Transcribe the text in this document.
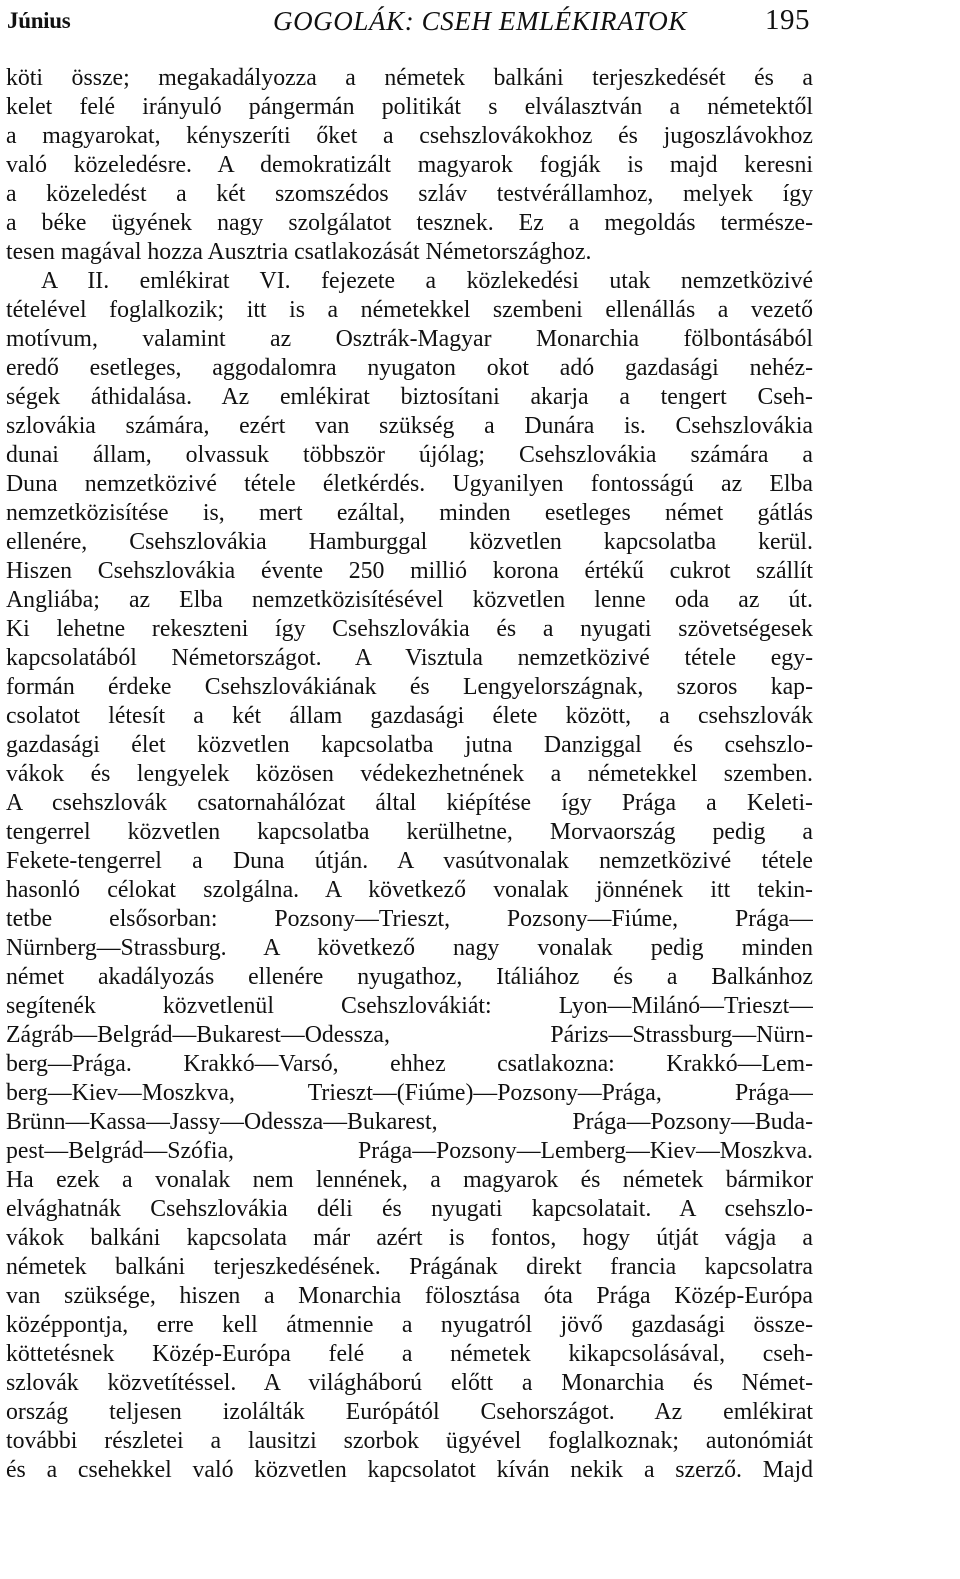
Június	GOGOLÁK: CSEH EMLÉKIRATOK	195
köti össze; megakadályozza a németek balkáni terjeszkedését és a
kelet felé irányuló pángermán politikát s elválasztván a németektől
a magyarokat, kényszeríti őket a csehszlovákokhoz és jugoszlávokhoz
való közeledésre. A demokratizált magyarok fogják is majd keresni
a közeledést a két szomszédos szláv testvérállamhoz, melyek így
a béke ügyének nagy szolgálatot tesznek. Ez a megoldás természe-
tesen magával hozza Ausztria csatlakozását Németországhoz.
A II. emlékirat VI. fejezete a közlekedési utak nemzetközivé
tételével foglalkozik; itt is a németekkel szembeni ellenállás a vezető
motívum, valamint az Osztrák-Magyar Monarchia fölbontásából
eredő esetleges, aggodalomra nyugaton okot adó gazdasági nehéz-
ségek áthidalása. Az emlékirat biztosítani akarja a tengert Cseh-
szlovákia számára, ezért van szükség a Dunára is. Csehszlovákia
dunai állam, olvassuk többször újólag; Csehszlovákia számára a
Duna nemzetközivé tétele életkérdés. Ugyanilyen fontosságú az Elba
nemzetközisítése is, mert ezáltal, minden esetleges német gátlás
ellenére, Csehszlovákia Hamburggal közvetlen kapcsolatba kerül.
Hiszen Csehszlovákia évente 250 millió korona értékű cukrot szállít
Angliába; az Elba nemzetközisítésével közvetlen lenne oda az út.
Ki lehetne rekeszteni így Csehszlovákia és a nyugati szövetségesek
kapcsolatából Németországot. A Visztula nemzetközivé tétele egy-
formán érdeke Csehszlovákiának és Lengyelországnak, szoros kap-
csolatot létesít a két állam gazdasági élete között, a csehszlovák
gazdasági élet közvetlen kapcsolatba jutna Danziggal és csehszlo-
vákok és lengyelek közösen védekezhetnének a németekkel szemben.
A csehszlovák csatornahálózat által kiépítése így Prága a Keleti-
tengerrel közvetlen kapcsolatba kerülhetne, Morvaország pedig a
Fekete-tengerrel a Duna útján. A vasútvonalak nemzetközivé tétele
hasonló célokat szolgálna. A következő vonalak jönnének itt tekin-
tetbe elsősorban: Pozsony—Trieszt, Pozsony—Fiúme, Prága—
Nürnberg—Strassburg. A következő nagy vonalak pedig minden
német akadályozás ellenére nyugathoz, Itáliához és a Balkánhoz
segítenék közvetlenül Csehszlovákiát: Lyon—Milánó—Trieszt—
Zágráb—Belgrád—Bukarest—Odessza, Párizs—Strassburg—Nürn-
berg—Prága. Krakkó—Varsó, ehhez csatlakozna: Krakkó—Lem-
berg—Kiev—Moszkva, Trieszt—(Fiúme)—Pozsony—Prága, Prága—
Brünn—Kassa—Jassy—Odessza—Bukarest, Prága—Pozsony—Buda-
pest—Belgrád—Szófia, Prága—Pozsony—Lemberg—Kiev—Moszkva.
Ha ezek a vonalak nem lennének, a magyarok és németek bármikor
elvághatnák Csehszlovákia déli és nyugati kapcsolatait. A csehszlo-
vákok balkáni kapcsolata már azért is fontos, hogy útját vágja a
németek balkáni terjeszkedésének. Prágának direkt francia kapcsolatra
van szüksége, hiszen a Monarchia fölosztása óta Prága Közép-Európa
középpontja, erre kell átmennie a nyugatról jövő gazdasági össze-
köttetésnek Közép-Európa felé a németek kikapcsolásával, cseh-
szlovák közvetítéssel. A világháború előtt a Monarchia és Német-
ország teljesen izolálták Európától Csehországot. Az emlékirat
további részletei a lausitzi szorbok ügyével foglalkoznak; autonómiát
és a csehekkel való közvetlen kapcsolatot kíván nekik a szerző. Majd
